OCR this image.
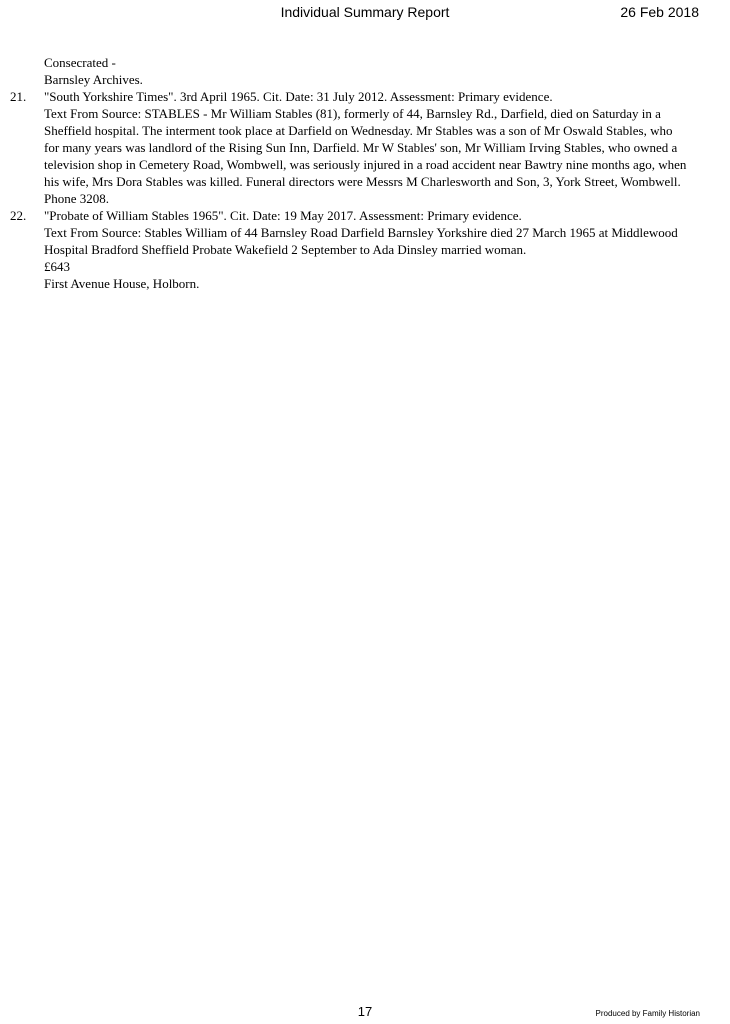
Individual Summary Report	26 Feb 2018
Consecrated -
Barnsley Archives.
21.	"South Yorkshire Times". 3rd April 1965. Cit. Date: 31 July 2012. Assessment: Primary evidence.
Text From Source: STABLES - Mr William Stables (81), formerly of 44, Barnsley Rd., Darfield, died on Saturday in a
Sheffield hospital. The interment took place at Darfield on Wednesday. Mr Stables was a son of Mr Oswald Stables, who
for many years was landlord of the Rising Sun Inn, Darfield. Mr W Stables' son, Mr William Irving Stables, who owned a
television shop in Cemetery Road, Wombwell, was seriously injured in a road accident near Bawtry nine months ago, when
his wife, Mrs Dora Stables was killed. Funeral directors were Messrs M Charlesworth and Son, 3, York Street, Wombwell.
Phone 3208.
22.	"Probate of William Stables 1965". Cit. Date: 19 May 2017. Assessment: Primary evidence.
Text From Source: Stables William of 44 Barnsley Road Darfield Barnsley Yorkshire died 27 March 1965 at Middlewood
Hospital Bradford Sheffield Probate Wakefield 2 September to Ada Dinsley married woman.
£643
First Avenue House, Holborn.
17	Produced by Family Historian
